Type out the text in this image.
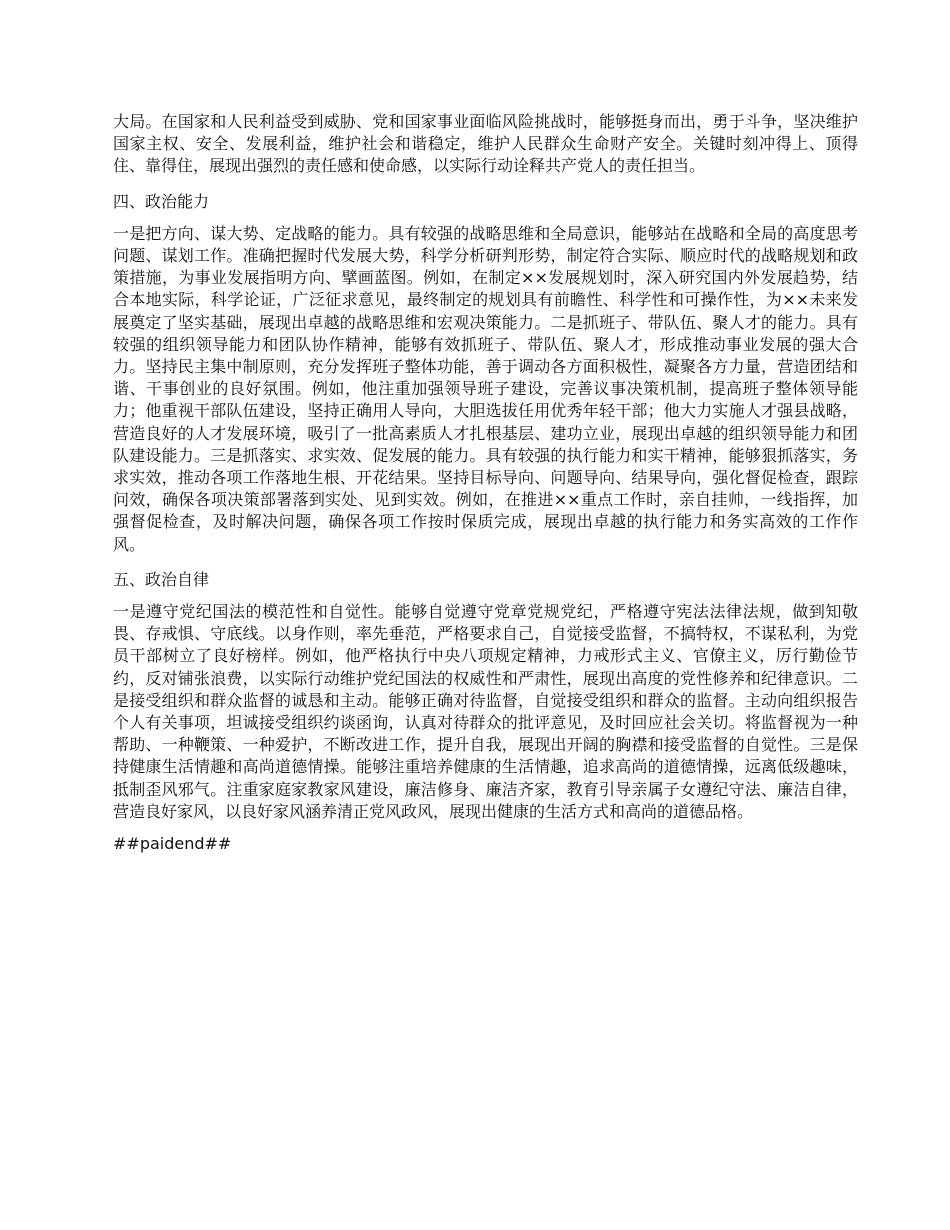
大局。在国家和人民利益受到威胁、党和国家事业面临风险挑战时，能够挺身而出，勇于斗争，坚决维护国家主权、安全、发展利益，维护社会和谐稳定，维护人民群众生命财产安全。关键时刻冲得上、顶得住、靠得住，展现出强烈的责任感和使命感，以实际行动诠释共产党人的责任担当。

四、政治能力

一是把方向、谋大势、定战略的能力。具有较强的战略思维和全局意识，能够站在战略和全局的高度思考问题、谋划工作。准确把握时代发展大势，科学分析研判形势，制定符合实际、顺应时代的战略规划和政策措施，为事业发展指明方向、擘画蓝图。例如，在制定××发展规划时，深入研究国内外发展趋势，结合本地实际，科学论证，广泛征求意见，最终制定的规划具有前瞻性、科学性和可操作性，为××未来发展奠定了坚实基础，展现出卓越的战略思维和宏观决策能力。二是抓班子、带队伍、聚人才的能力。具有较强的组织领导能力和团队协作精神，能够有效抓班子、带队伍、聚人才，形成推动事业发展的强大合力。坚持民主集中制原则，充分发挥班子整体功能，善于调动各方面积极性，凝聚各方力量，营造团结和谐、干事创业的良好氛围。例如，他注重加强领导班子建设，完善议事决策机制，提高班子整体领导能力；他重视干部队伍建设，坚持正确用人导向，大胆选拔任用优秀年轻干部；他大力实施人才强县战略，营造良好的人才发展环境，吸引了一批高素质人才扎根基层、建功立业，展现出卓越的组织领导能力和团队建设能力。三是抓落实、求实效、促发展的能力。具有较强的执行能力和实干精神，能够狠抓落实，务求实效，推动各项工作落地生根、开花结果。坚持目标导向、问题导向、结果导向，强化督促检查，跟踪问效，确保各项决策部署落到实处、见到实效。例如，在推进××重点工作时，亲自挂帅，一线指挥，加强督促检查，及时解决问题，确保各项工作按时保质完成，展现出卓越的执行能力和务实高效的工作作风。

五、政治自律

一是遵守党纪国法的模范性和自觉性。能够自觉遵守党章党规党纪，严格遵守宪法法律法规，做到知敬畏、存戒惧、守底线。以身作则，率先垂范，严格要求自己，自觉接受监督，不搞特权，不谋私利，为党员干部树立了良好榜样。例如，他严格执行中央八项规定精神，力戒形式主义、官僚主义，厉行勤俭节约，反对铺张浪费，以实际行动维护党纪国法的权威性和严肃性，展现出高度的党性修养和纪律意识。二是接受组织和群众监督的诚恳和主动。能够正确对待监督，自觉接受组织和群众的监督。主动向组织报告个人有关事项，坦诚接受组织约谈函询，认真对待群众的批评意见，及时回应社会关切。将监督视为一种帮助、一种鞭策、一种爱护，不断改进工作，提升自我，展现出开阔的胸襟和接受监督的自觉性。三是保持健康生活情趣和高尚道德情操。能够注重培养健康的生活情趣，追求高尚的道德情操，远离低级趣味，抵制歪风邪气。注重家庭家教家风建设，廉洁修身、廉洁齐家，教育引导亲属子女遵纪守法、廉洁自律，营造良好家风，以良好家风涵养清正党风政风，展现出健康的生活方式和高尚的道德品格。

##paidend##
